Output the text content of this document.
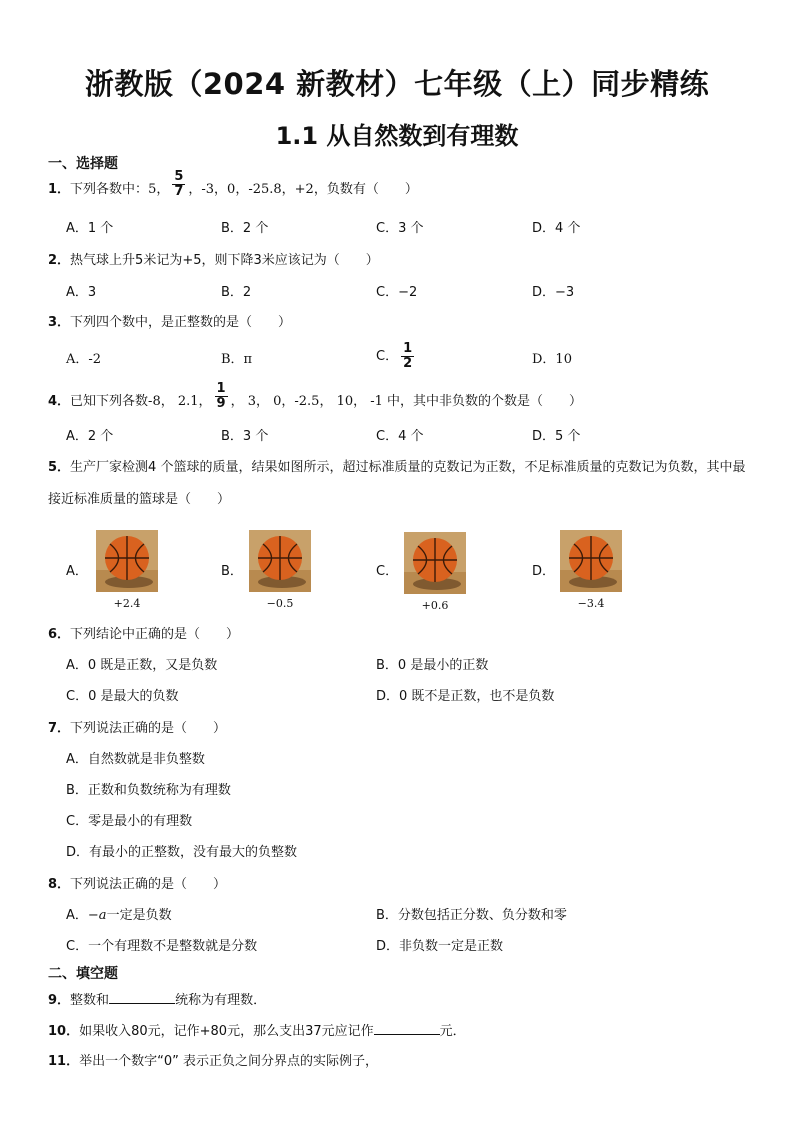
浙教版（2024 新教材）七年级（上）同步精练
1.1 从自然数到有理数
一、选择题
1．下列各数中：5， $\frac{5}{7}$ ，-3，0，-25.8，+2，负数有（　　）
A．1 个	B．2 个	C．3 个	D．4 个
2．热气球上升5米记为+5，则下降3米应该记为（　　）
A．3	B．2	C．−2	D．−3
3．下列四个数中，是正整数的是（　　）
A．-2	B．π	C． $\frac{1}{2}$	D．10
4．已知下列各数-8， 2.1， $\frac{1}{9}$ ， 3， 0，-2.5， 10， -1 中，其中非负数的个数是（　　）
A．2 个	B．3 个	C．4 个	D．5 个
5．生产厂家检测4 个篮球的质量，结果如图所示，超过标准质量的克数记为正数，不足标准质量的克数记为负数，其中最接近标准质量的篮球是（　　）
A．
+2.4
B．
−0.5
C．
+0.6
D．
−3.4
6．下列结论中正确的是（　　）
A．0 既是正数，又是负数	B．0 是最小的正数
C．0 是最大的负数	D．0 既不是正数，也不是负数
7．下列说法正确的是（　　）
A．自然数就是非负整数
B．正数和负数统称为有理数
C．零是最小的有理数
D．有最小的正整数，没有最大的负整数
8．下列说法正确的是（　　）
A．−a一定是负数	B．分数包括正分数、负分数和零
C．一个有理数不是整数就是分数	D．非负数一定是正数
二、填空题
9．整数和	统称为有理数．
10．如果收入80元，记作+80元，那么支出37元应记作	元．
11．举出一个数字“0” 表示正负之间分界点的实际例子，
